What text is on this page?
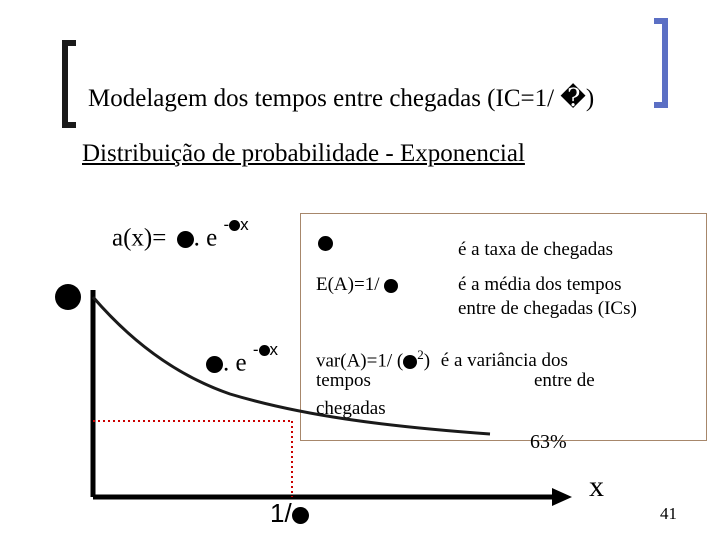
Modelagem dos tempos entre chegadas (IC=1/ �)
Distribuição de probabilidade - Exponencial
a(x)= . e $^{- x}$
é a taxa de chegadas
E(A)=1/	é a média dos tempos
entre de chegadas (ICs)
var(A)=1/ ( $^2$) é a variância dos
tempos	entre de
chegadas
. e $^{- x}$
1/
x
63%
41
